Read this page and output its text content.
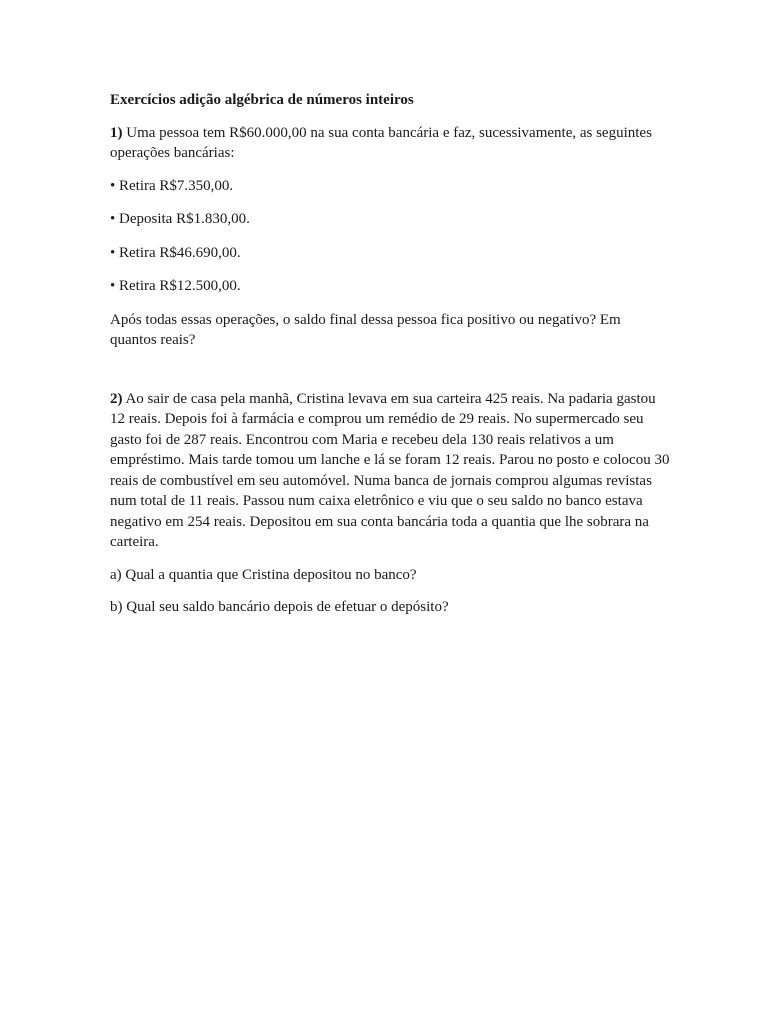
Exercícios adição algébrica de números inteiros

1) Uma pessoa tem R$60.000,00 na sua conta bancária e faz, sucessivamente, as seguintes operações bancárias:

• Retira R$7.350,00.
• Deposita R$1.830,00.
• Retira R$46.690,00.
• Retira R$12.500,00.

Após todas essas operações, o saldo final dessa pessoa fica positivo ou negativo? Em quantos reais?

2) Ao sair de casa pela manhã, Cristina levava em sua carteira 425 reais. Na padaria gastou 12 reais. Depois foi à farmácia e comprou um remédio de 29 reais. No supermercado seu gasto foi de 287 reais. Encontrou com Maria e recebeu dela 130 reais relativos a um empréstimo. Mais tarde tomou um lanche e lá se foram 12 reais. Parou no posto e colocou 30 reais de combustível em seu automóvel. Numa banca de jornais comprou algumas revistas num total de 11 reais. Passou num caixa eletrônico e viu que o seu saldo no banco estava negativo em 254 reais. Depositou em sua conta bancária toda a quantia que lhe sobrara na carteira.

a) Qual a quantia que Cristina depositou no banco?

b) Qual seu saldo bancário depois de efetuar o depósito?
